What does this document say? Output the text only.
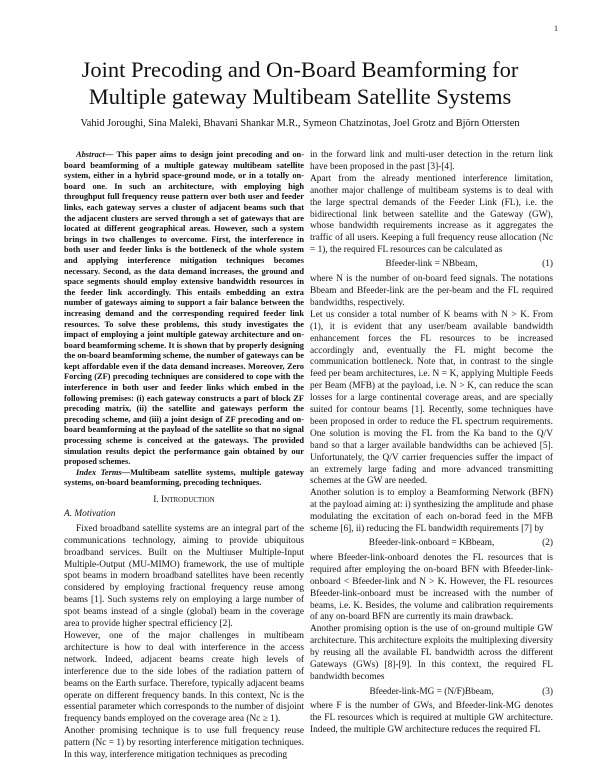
1
Joint Precoding and On-Board Beamforming for
Multiple gateway Multibeam Satellite Systems
Vahid Joroughi, Sina Maleki, Bhavani Shankar M.R., Symeon Chatzinotas, Joel Grotz and Björn Ottersten

Abstract— This paper aims to design joint precoding and on-board beamforming of a multiple gateway multibeam satellite system, either in a hybrid space-ground mode, or in a totally on-board one. In such an architecture, with employing high throughput full frequency reuse pattern over both user and feeder links, each gateway serves a cluster of adjacent beams such that the adjacent clusters are served through a set of gateways that are located at different geographical areas. However, such a system brings in two challenges to overcome. First, the interference in both user and feeder links is the bottleneck of the whole system and applying interference mitigation techniques becomes necessary. Second, as the data demand increases, the ground and space segments should employ extensive bandwidth resources in the feeder link accordingly. This entails embedding an extra number of gateways aiming to support a fair balance between the increasing demand and the corresponding required feeder link resources. To solve these problems, this study investigates the impact of employing a joint multiple gateway architecture and on-board beamforming scheme. It is shown that by properly designing the on-board beamforming scheme, the number of gateways can be kept affordable even if the data demand increases. Moreover, Zero Forcing (ZF) precoding techniques are considered to cope with the interference in both user and feeder links which embed in the following premises: (i) each gateway constructs a part of block ZF precoding matrix, (ii) the satellite and gateways perform the precoding scheme, and (iii) a joint design of ZF precoding and on-board beamforming at the payload of the satellite so that no signal processing scheme is conceived at the gateways. The provided simulation results depict the performance gain obtained by our proposed schemes.

Index Terms—Multibeam satellite systems, multiple gateway systems, on-board beamforming, precoding techniques.

I. Introduction
A. Motivation

Fixed broadband satellite systems are an integral part of the communications technology, aiming to provide ubiquitous broadband services. Built on the Multiuser Multiple-Input Multiple-Output (MU-MIMO) framework, the use of multiple spot beams in modern broadband satellites have been recently considered by employing fractional frequency reuse among beams [1]. Such systems rely on employing a large number of spot beams instead of a single (global) beam in the coverage area to provide higher spectral efficiency [2].

However, one of the major challenges in multibeam architecture is how to deal with interference in the access network. Indeed, adjacent beams create high levels of interference due to the side lobes of the radiation pattern of beams on the Earth surface. Therefore, typically adjacent beams operate on different frequency bands. In this context, Nc is the essential parameter which corresponds to the number of disjoint frequency bands employed on the coverage area (Nc ≥ 1).

Another promising technique is to use full frequency reuse pattern (Nc = 1) by resorting interference mitigation techniques. In this way, interference mitigation techniques as precoding

in the forward link and multi-user detection in the return link have been proposed in the past [3]-[4].

Apart from the already mentioned interference limitation, another major challenge of multibeam systems is to deal with the large spectral demands of the Feeder Link (FL), i.e. the bidirectional link between satellite and the Gateway (GW), whose bandwidth requirements increase as it aggregates the traffic of all users. Keeping a full frequency reuse allocation (Nc = 1), the required FL resources can be calculated as

Bfeeder-link = NBbeam,	(1)

where N is the number of on-board feed signals. The notations Bbeam and Bfeeder-link are the per-beam and the FL required bandwidths, respectively.

Let us consider a total number of K beams with N > K. From (1), it is evident that any user/beam available bandwidth enhancement forces the FL resources to be increased accordingly and, eventually the FL might become the communication bottleneck. Note that, in contrast to the single feed per beam architectures, i.e. N = K, applying Multiple Feeds per Beam (MFB) at the payload, i.e. N > K, can reduce the scan losses for a large continental coverage areas, and are specially suited for contour beams [1]. Recently, some techniques have been proposed in order to reduce the FL spectrum requirements. One solution is moving the FL from the Ka band to the Q/V band so that a larger available bandwidths can be achieved [5]. Unfortunately, the Q/V carrier frequencies suffer the impact of an extremely large fading and more advanced transmitting schemes at the GW are needed.

Another solution is to employ a Beamforming Network (BFN) at the payload aiming at: i) synthesizing the amplitude and phase modulating the excitation of each on-borad feed in the MFB scheme [6], ii) reducing the FL bandwidth requirements [7] by

Bfeeder-link-onboard = KBbeam,	(2)

where Bfeeder-link-onboard denotes the FL resources that is required after employing the on-board BFN with Bfeeder-link-onboard < Bfeeder-link and N > K. However, the FL resources Bfeeder-link-onboard must be increased with the number of beams, i.e. K. Besides, the volume and calibration requirements of any on-board BFN are currently its main drawback.

Another promising option is the use of on-ground multiple GW architecture. This architecture exploits the multiplexing diversity by reusing all the available FL bandwidth across the different Gateways (GWs) [8]-[9]. In this context, the required FL bandwidth becomes

Bfeeder-link-MG = (N/F)Bbeam,	(3)

where F is the number of GWs, and Bfeeder-link-MG denotes the FL resources which is required at multiple GW architecture. Indeed, the multiple GW architecture reduces the required FL
